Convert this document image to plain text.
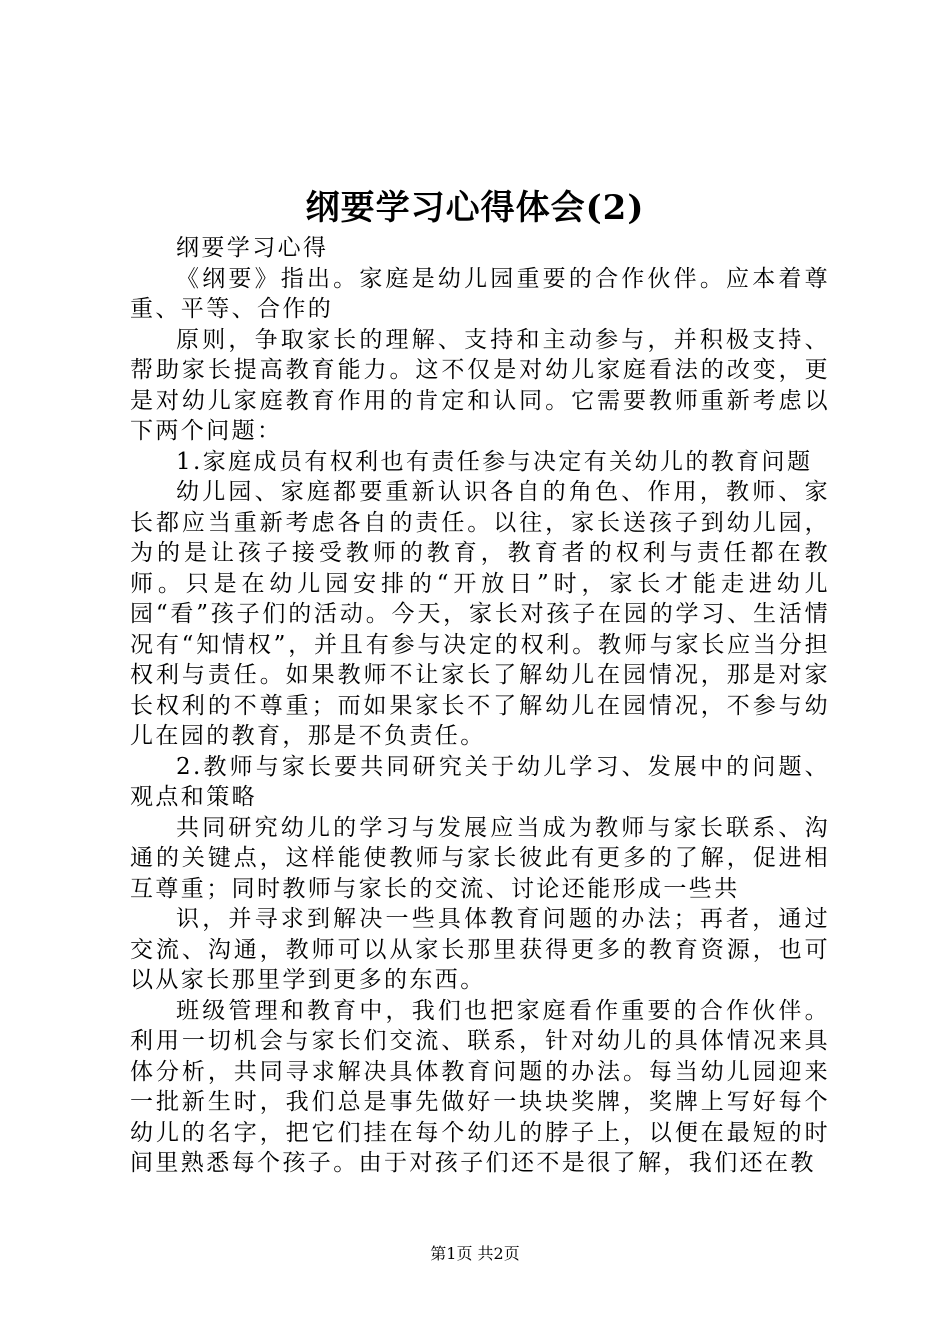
纲要学习心得体会(2)

纲要学习心得

《纲要》指出。家庭是幼儿园重要的合作伙伴。应本着尊重、平等、合作的

原则，争取家长的理解、支持和主动参与，并积极支持、帮助家长提高教育能力。这不仅是对幼儿家庭看法的改变，更是对幼儿家庭教育作用的肯定和认同。它需要教师重新考虑以下两个问题：

1.家庭成员有权利也有责任参与决定有关幼儿的教育问题

幼儿园、家庭都要重新认识各自的角色、作用，教师、家长都应当重新考虑各自的责任。以往，家长送孩子到幼儿园，为的是让孩子接受教师的教育，教育者的权利与责任都在教师。只是在幼儿园安排的“开放日”时，家长才能走进幼儿园“看”孩子们的活动。今天，家长对孩子在园的学习、生活情况有“知情权”，并且有参与决定的权利。教师与家长应当分担权利与责任。如果教师不让家长了解幼儿在园情况，那是对家长权利的不尊重；而如果家长不了解幼儿在园情况，不参与幼儿在园的教育，那是不负责任。

2.教师与家长要共同研究关于幼儿学习、发展中的问题、观点和策略

共同研究幼儿的学习与发展应当成为教师与家长联系、沟通的关键点，这样能使教师与家长彼此有更多的了解，促进相互尊重；同时教师与家长的交流、讨论还能形成一些共

识，并寻求到解决一些具体教育问题的办法；再者，通过交流、沟通，教师可以从家长那里获得更多的教育资源，也可以从家长那里学到更多的东西。

班级管理和教育中，我们也把家庭看作重要的合作伙伴。利用一切机会与家长们交流、联系，针对幼儿的具体情况来具体分析，共同寻求解决具体教育问题的办法。每当幼儿园迎来一批新生时，我们总是事先做好一块块奖牌，奖牌上写好每个幼儿的名字，把它们挂在每个幼儿的脖子上，以便在最短的时间里熟悉每个孩子。由于对孩子们还不是很了解，我们还在教

第1页 共2页
